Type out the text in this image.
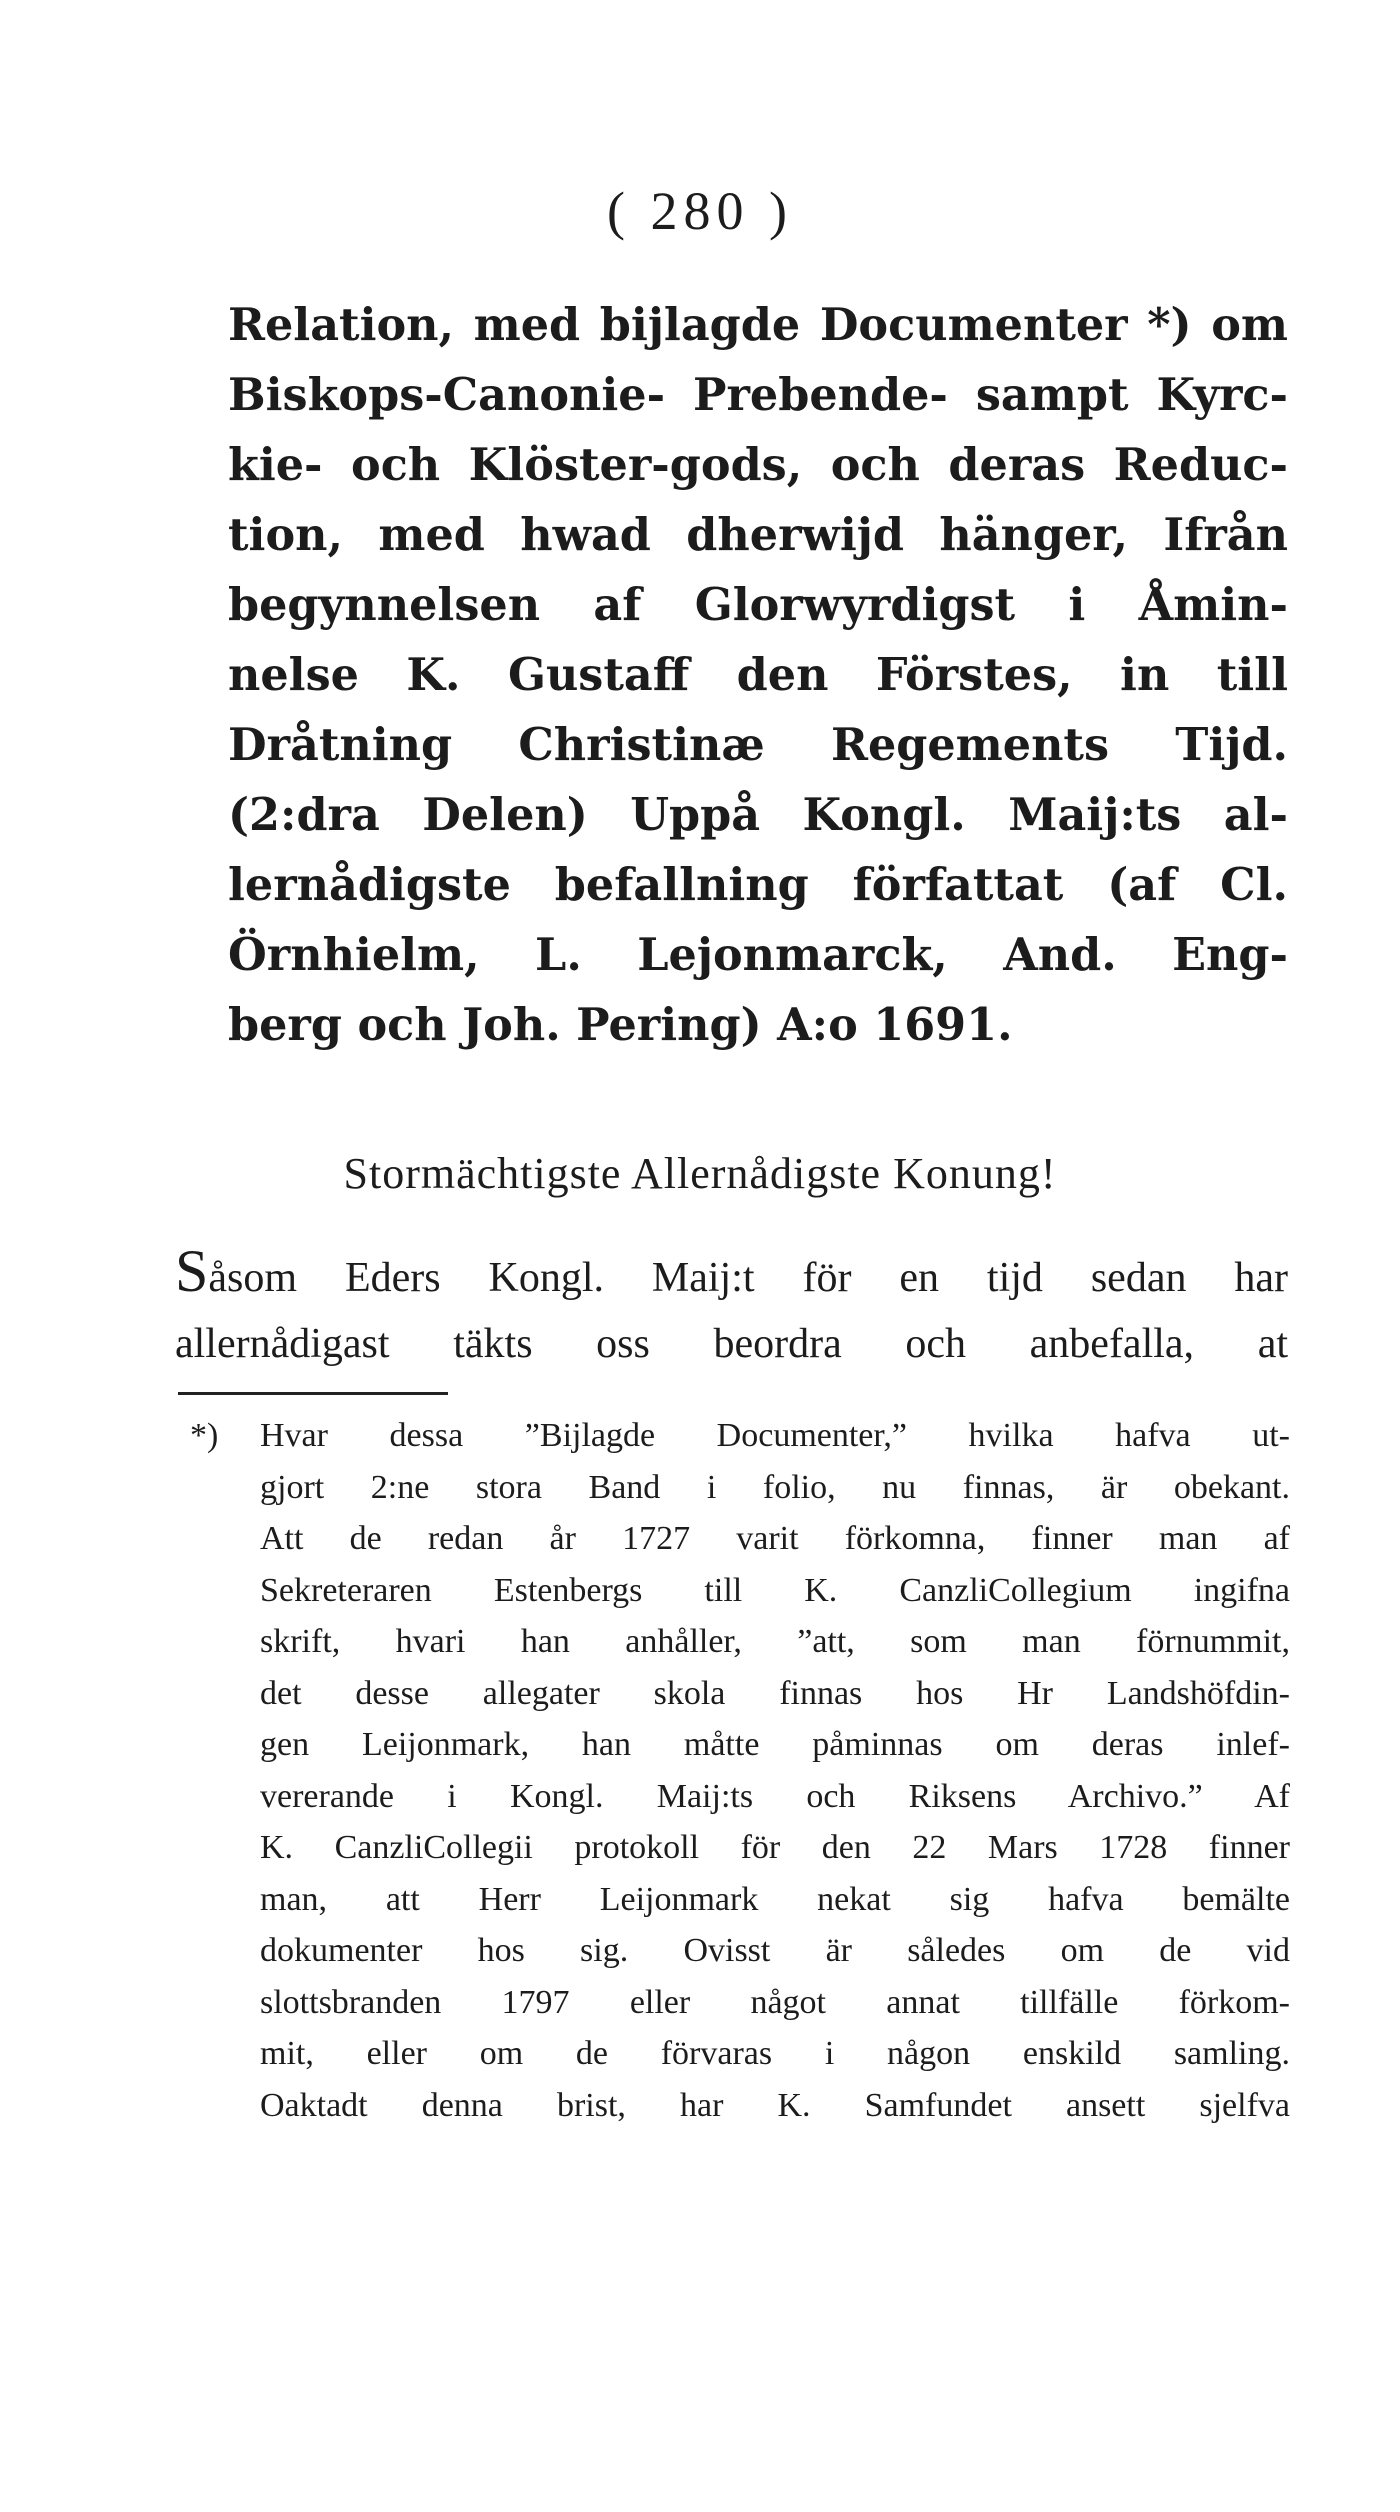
( 280 )
Relation, med bijlagde Documenter *) om
Biskops-Canonie- Prebende- sampt Kyrc-
kie- och Klöster-gods, och deras Reduc-
tion, med hwad dherwijd hänger, Ifrån
begynnelsen af Glorwyrdigst i Åmin-
nelse K. Gustaff den Förstes, in till
Dråtning Christinæ Regements Tijd.
(2:dra Delen) Uppå Kongl. Maij:ts al-
lernådigste befallning författat (af Cl.
Örnhielm, L. Lejonmarck, And. Eng-
berg och Joh. Pering) A:o 1691.
Stormächtigste Allernådigste Konung!
Såsom Eders Kongl. Maij:t för en tijd sedan har
allernådigast täkts oss beordra och anbefalla, at
*)	Hvar dessa ”Bijlagde Documenter,” hvilka hafva ut-
gjort 2:ne stora Band i folio, nu finnas, är obekant.
Att de redan år 1727 varit förkomna, finner man af
Sekreteraren Estenbergs till K. CanzliCollegium ingifna
skrift, hvari han anhåller, ”att, som man förnummit,
det desse allegater skola finnas hos Hr Landshöfdin-
gen Leijonmark, han måtte påminnas om deras inlef-
vererande i Kongl. Maij:ts och Riksens Archivo.” Af
K. CanzliCollegii protokoll för den 22 Mars 1728 finner
man, att Herr Leijonmark nekat sig hafva bemälte
dokumenter hos sig. Ovisst är således om de vid
slottsbranden 1797 eller något annat tillfälle förkom-
mit, eller om de förvaras i någon enskild samling.
Oaktadt denna brist, har K. Samfundet ansett sjelfva
